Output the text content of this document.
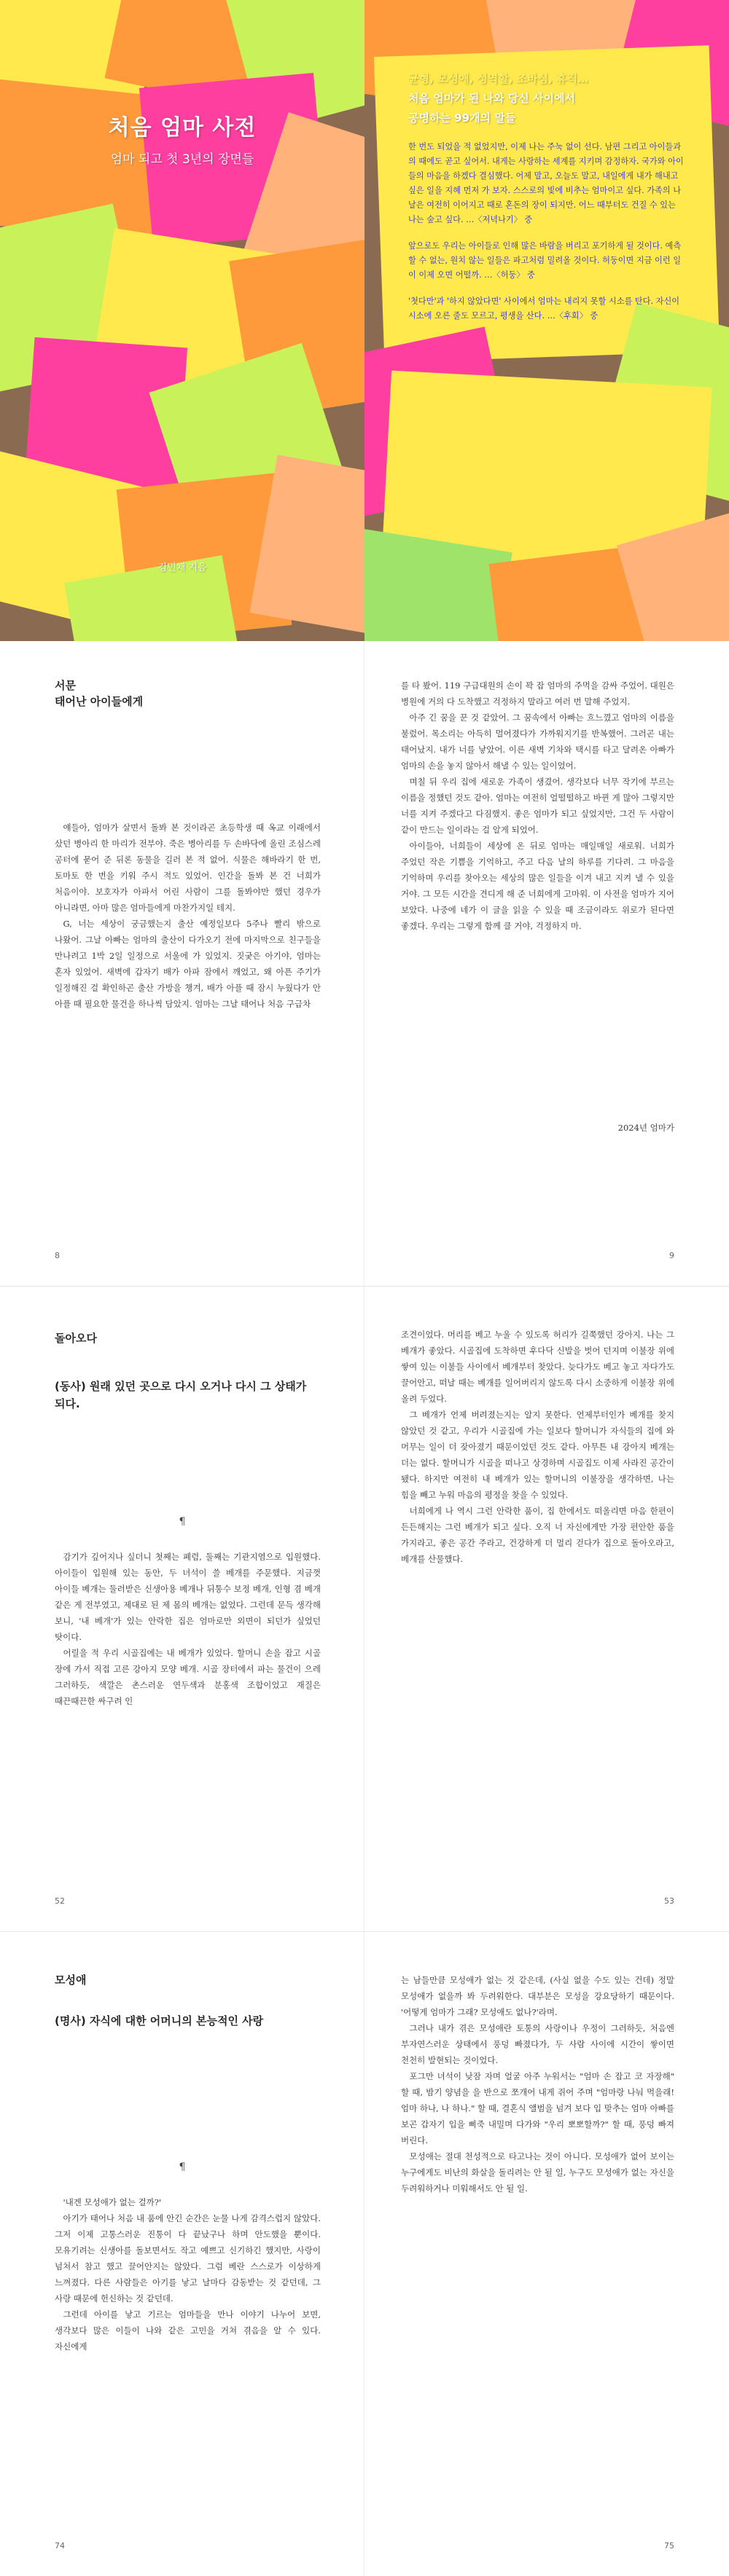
처음 엄마 사전
엄마 되고 첫 3년의 장면들
김민채 지음
균형, 모성애, 성역할, 조바심, 휴직…
처음 엄마가 된 나와 당신 사이에서
공명하는 99개의 말들
한 번도 되었을 적 없었지만, 이제 나는 주눅 없이 선다. 남편 그리고 아이들과의 때에도 곧고 싶어서. 내게는 사랑하는 세계를 지키며 감정하자. 국가와 아이들의 마음을 하겠다 결심했다. 어제 말고, 오늘도 말고, 내일에게 내가 해내고 싶은 일을 지혜 먼저 가 보자. 스스로의 빛에 비추는 엄마이고 싶다. 가족의 나날은 여전히 이어지고 때로 혼돈의 장이 되지만. 어느 때부터도 건질 수 있는 나는 숲고 싶다. …〈저녁나기〉 중
앞으로도 우리는 아이들로 인해 많은 바람을 버리고 포기하게 될 것이다. 예측할 수 없는, 원치 않는 일들은 파고처럼 밀려올 것이다. 허둥이면 지금 이런 일이 이제 오면 어떨까. …〈허둥〉 중
'첫다만'과 '하지 않았다면' 사이에서 엄마는 내리지 못할 시소를 탄다. 자신이 시소에 오른 줄도 모르고, 평생을 산다. …〈후회〉 중
서문
태어난 아이들에게

얘들아, 엄마가 살면서 돌봐 본 것이라곤 초등학생 때 옥교 이래에서 샀던 병아리 한 마리가 전부야. 죽은 병아리를 두 손바닥에 올린 조심스레 공터에 묻어 준 뒤론 동물을 길러 본 적 없어. 식물은 해바라기 한 번, 토마토 한 번을 키워 주시 적도 있었어. 인간을 돌봐 본 건 너희가 처음이야. 보호자가 아파서 어린 사람이 그를 돌봐야만 했던 경우가 아니라면, 아마 많은 엄마들에게 마찬가지일 테지.

G, 너는 세상이 궁금했는지 출산 예정일보다 5주나 빨리 밖으로 나왔어. 그날 아빠는 엄마의 출산이 다가오기 전에 마지막으로 친구들을 만나려고 1박 2일 일정으로 서울에 가 있었지. 짓궂은 아기야, 엄마는 혼자 있었어. 새벽에 갑자기 배가 아파 잠에서 깨었고, 왜 아픈 주기가 일정해진 걸 확인하곤 출산 가방을 챙겨, 배가 아플 때 잠시 누웠다가 안 아플 때 필요한 물건을 하나씩 담았지. 엄마는 그날 태어나 처음 구급차

8

를 타 봤어. 119 구급대원의 손이 꽉 잡 엄마의 주먹을 감싸 주었어. 대원은 병원에 거의 다 도착했고 걱정하지 말라고 여러 번 말해 주었지.

아주 긴 꿈을 꾼 것 같았어. 그 꿈속에서 아빠는 흐느꼈고 엄마의 이름을 불렀어. 목소리는 아득히 멀어졌다가 가까워지기를 반복했어. 그러곤 내는 태어났지. 내가 너를 낳았어. 이른 새벽 기차와 택시를 타고 달려온 아빠가 엄마의 손을 놓지 않아서 해낼 수 있는 일이었어.

며칠 뒤 우리 집에 새로운 가족이 생겼어. 생각보다 너무 작기에 부르는 이름을 정했던 것도 같아. 엄마는 여전히 얼떨떨하고 바뀐 게 많아 그렇지만 너를 지켜 주겠다고 다짐했지. 좋은 엄마가 되고 싶었지만, 그건 두 사람이 같이 만드는 일이라는 걸 알게 되었어.

아이들아, 너희들이 세상에 온 뒤로 엄마는 매일매일 새로워. 너희가 주었던 작은 기쁨을 기억하고, 주고 다음 날의 하루를 기다려. 그 마음을 기억하며 우리를 찾아오는 세상의 많은 일들을 이겨 내고 지켜 낼 수 있을 거야. 그 모든 시간을 견디게 해 준 너희에게 고마워. 이 사전을 엄마가 지어 보았다. 나중에 네가 이 글을 읽을 수 있을 때 조금이라도 위로가 된다면 좋겠다. 우리는 그렇게 함께 클 거야, 걱정하지 마.

2024년 엄마가
9
돌아오다
(동사) 원래 있던 곳으로 다시 오거나 다시 그 상태가 되다.
¶

감기가 깊어지나 싶더니 첫째는 폐렴, 둘째는 기관지염으로 입원했다. 아이들이 입원해 있는 동안, 두 녀석이 쓸 베개를 주문했다. 지금껏 아이들 베개는 둘러받은 신생아용 베개나 뒤통수 보정 베개, 인형 겸 베개 같은 게 전부였고, 제대로 된 제 몸의 베개는 없었다. 그런데 문득 생각해 보니, '내 베개'가 있는 안락한 집은 엄마로만 외면이 되던가 싶었던 탓이다.

어릴을 적 우리 시골집에는 내 베개가 있었다. 할머니 손을 잡고 시골 장에 가서 직접 고른 강아지 모양 베개. 시골 장터에서 파는 물건이 으레 그러하듯, 색깔은 촌스러운 연두색과 분홍색 조합이었고 재질은 때끈때끈한 싸구려 인

52

조견이었다. 머리를 베고 누울 수 있도록 허리가 길쭉했던 강아지. 나는 그 베개가 좋았다. 시골집에 도착하면 후다닥 신발을 벗어 던지며 이불장 위에 쌓여 있는 이불들 사이에서 베개부터 찾았다. 늦다가도 베고 놓고 자다가도 끌어안고, 떠날 때는 베개를 일어버리지 않도록 다시 소중하게 이불장 위에 올려 두었다.

그 베개가 언제 버려졌는지는 알지 못한다. 언제부터인가 베개를 찾지 않았던 것 같고, 우리가 시골집에 가는 일보다 할머니가 자식들의 집에 와 머무는 일이 더 잦아졌기 때문이었던 것도 같다. 아무튼 내 강아지 베개는 더는 없다. 할머니가 시골을 떠나고 상경하며 시골집도 이제 사라진 공간이 됐다. 하지만 여전히 내 베개가 있는 할머니의 이불장을 생각하면, 나는 힘을 빼고 누워 마음의 평정을 찾을 수 있었다.

너희에게 나 역시 그런 안락한 품이, 집 한에서도 떠올리면 마음 한편이 든든해지는 그런 베개가 되고 싶다. 오직 너 자신에게만 가장 편안한 품을 가지라고, 좋은 공간 주라고, 건강하게 더 멀리 걷다가 집으로 돌아오라고, 베개를 산물했다.

53
모성애
(명사) 자식에 대한 어머니의 본능적인 사랑
¶

'내겐 모성애가 없는 걸까?'

아기가 태어나 처음 내 품에 안긴 순간은 눈물 나게 감격스럽지 않았다. 그저 이제 고통스러운 진통이 다 끝났구나 하며 안도했을 뿐이다. 모유기려는 신생아를 돌보면서도 작고 예쁘고 신기하긴 했지만, 사랑이 넘쳐서 참고 했고 끌어안지는 않았다. 그럼 베란 스스로가 이상하게 느껴졌다. 다른 사람들은 아기를 낳고 날마다 감동받는 것 같던데, 그 사랑 때문에 헌신하는 것 같던데.

그런데 아이를 낳고 기르는 엄마들을 만나 이야기 나누어 보면, 생각보다 많은 이들이 나와 같은 고민을 거쳐 겪음을 알 수 있다. 자신에게

74

는 남들만큼 모성애가 없는 것 같은데, (사실 없을 수도 있는 건데) 정말 모성애가 없을까 봐 두려워한다. 대부분은 모성을 강요당하기 때문이다. '어떻게 엄마가 그래? 모성애도 없나?'라며.

그러나 내가 겪은 모성애란 토통의 사랑이나 우정이 그러하듯, 처음엔 부자연스러운 상태에서 풍덩 빠졌다가, 두 사람 사이에 시간이 쌓이면 천천히 발현되는 것이었다.

포그만 녀석이 낮잠 자며 얼굴 아주 누워서는 "엄마 손 잡고 코 자장해" 할 때, 밤기 양념을 을 반으로 쪼개어 내게 쥐어 주며 "엄마랑 나눠 먹을래! 엄마 하나, 나 하나." 할 때, 결혼식 앨범을 넘겨 보다 입 맞추는 엄마 아빠를 보곤 갑자기 입을 삐죽 내밀며 다가와 "우리 뽀뽀할까?" 할 때, 풍덩 빠져 버린다.

모성애는 절대 천성적으로 타고나는 것이 아니다. 모성애가 없어 보이는 누구에게도 비난의 화살을 돌리려는 안 될 일, 누구도 모성애가 없는 자신을 두려워하거나 미워해서도 안 될 일.

75
